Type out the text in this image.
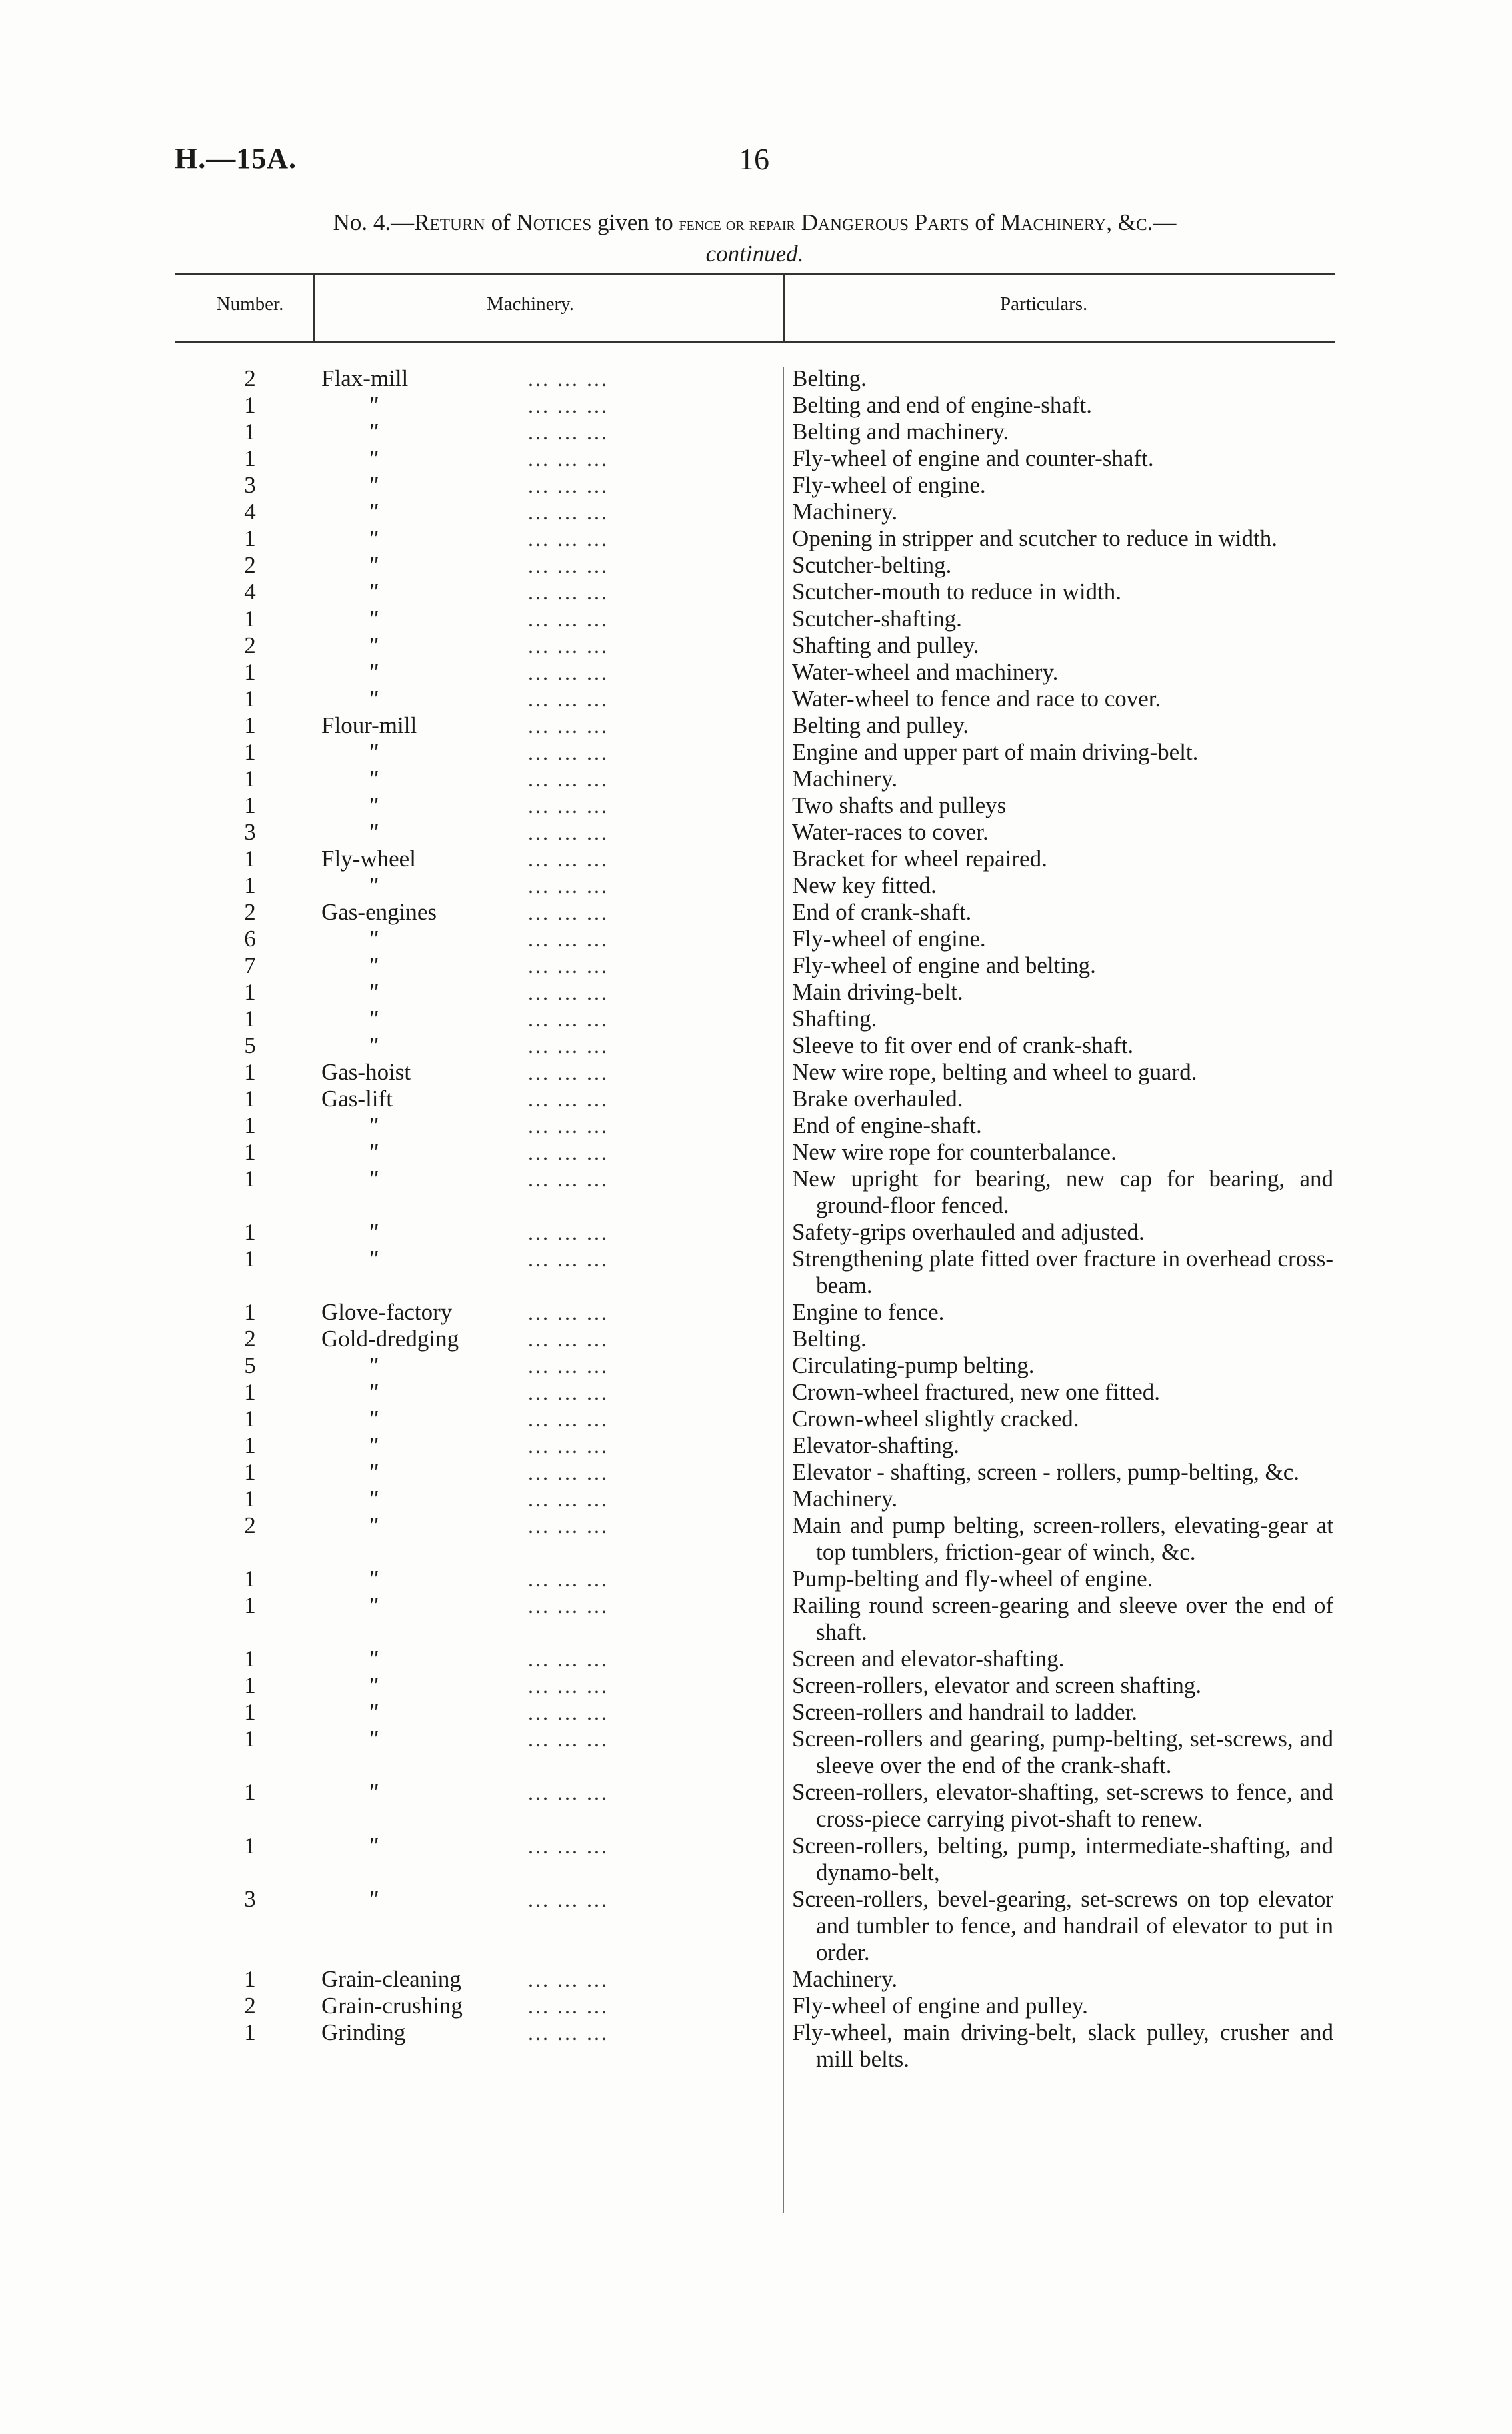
H.—15A.	16
No. 4.—Return of Notices given to fence or repair Dangerous Parts of Machinery, &c.—
continued.
Number.	Machinery.	Particulars.
2	Flax-mill	... ... ...	Belting.
1	"	... ... ...	Belting and end of engine-shaft.
1	"	... ... ...	Belting and machinery.
1	"	... ... ...	Fly-wheel of engine and counter-shaft.
3	"	... ... ...	Fly-wheel of engine.
4	"	... ... ...	Machinery.
1	"	... ... ...	Opening in stripper and scutcher to reduce in width.
2	"	... ... ...	Scutcher-belting.
4	"	... ... ...	Scutcher-mouth to reduce in width.
1	"	... ... ...	Scutcher-shafting.
2	"	... ... ...	Shafting and pulley.
1	"	... ... ...	Water-wheel and machinery.
1	"	... ... ...	Water-wheel to fence and race to cover.
1	Flour-mill	... ... ...	Belting and pulley.
1	"	... ... ...	Engine and upper part of main driving-belt.
1	"	... ... ...	Machinery.
1	"	... ... ...	Two shafts and pulleys
3	"	... ... ...	Water-races to cover.
1	Fly-wheel	... ... ...	Bracket for wheel repaired.
1	"	... ... ...	New key fitted.
2	Gas-engines	... ... ...	End of crank-shaft.
6	"	... ... ...	Fly-wheel of engine.
7	"	... ... ...	Fly-wheel of engine and belting.
1	"	... ... ...	Main driving-belt.
1	"	... ... ...	Shafting.
5	"	... ... ...	Sleeve to fit over end of crank-shaft.
1	Gas-hoist	... ... ...	New wire rope, belting and wheel to guard.
1	Gas-lift	... ... ...	Brake overhauled.
1	"	... ... ...	End of engine-shaft.
1	"	... ... ...	New wire rope for counterbalance.
1	"	... ... ...	New upright for bearing, new cap for bearing, and ground-floor fenced.
1	"	... ... ...	Safety-grips overhauled and adjusted.
1	"	... ... ...	Strengthening plate fitted over fracture in overhead cross-beam.
1	Glove-factory	... ... ...	Engine to fence.
2	Gold-dredging	... ... ...	Belting.
5	"	... ... ...	Circulating-pump belting.
1	"	... ... ...	Crown-wheel fractured, new one fitted.
1	"	... ... ...	Crown-wheel slightly cracked.
1	"	... ... ...	Elevator-shafting.
1	"	... ... ...	Elevator - shafting, screen - rollers, pump-belting, &c.
1	"	... ... ...	Machinery.
2	"	... ... ...	Main and pump belting, screen-rollers, elevating-gear at top tumblers, friction-gear of winch, &c.
1	"	... ... ...	Pump-belting and fly-wheel of engine.
1	"	... ... ...	Railing round screen-gearing and sleeve over the end of shaft.
1	"	... ... ...	Screen and elevator-shafting.
1	"	... ... ...	Screen-rollers, elevator and screen shafting.
1	"	... ... ...	Screen-rollers and handrail to ladder.
1	"	... ... ...	Screen-rollers and gearing, pump-belting, set-screws, and sleeve over the end of the crank-shaft.
1	"	... ... ...	Screen-rollers, elevator-shafting, set-screws to fence, and cross-piece carrying pivot-shaft to renew.
1	"	... ... ...	Screen-rollers, belting, pump, intermediate-shafting, and dynamo-belt,
3	"	... ... ...	Screen-rollers, bevel-gearing, set-screws on top elevator and tumbler to fence, and handrail of elevator to put in order.
1	Grain-cleaning	... ... ...	Machinery.
2	Grain-crushing	... ... ...	Fly-wheel of engine and pulley.
1	Grinding	... ... ...	Fly-wheel, main driving-belt, slack pulley, crusher and mill belts.
